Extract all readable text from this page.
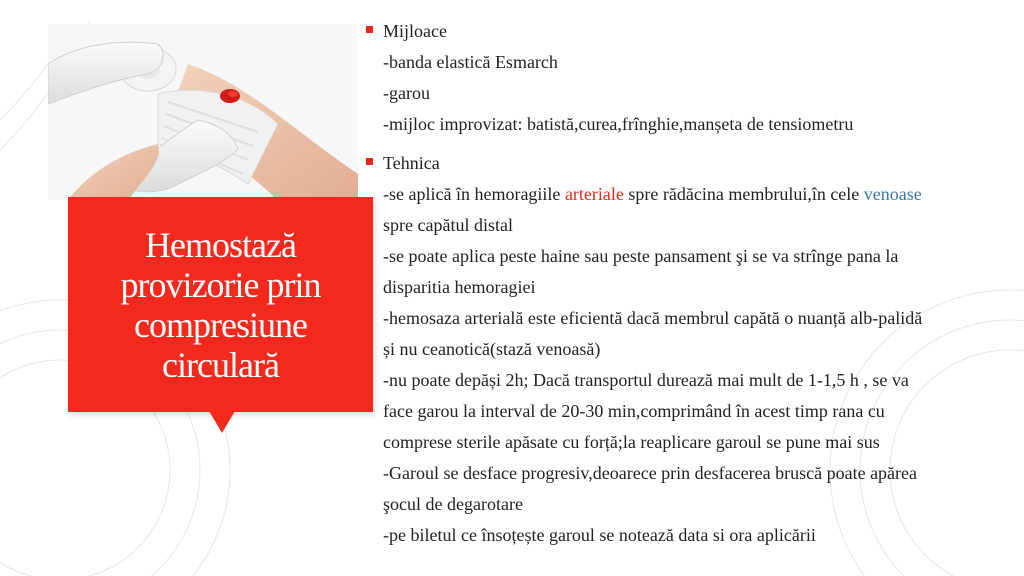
Hemostază
provizorie prin
compresiune
circulară
Mijloace
-banda elastică Esmarch
-garou
-mijloc improvizat: batistă,curea,frînghie,manșeta de tensiometru
Tehnica
-se aplică în hemoragiile arteriale spre rădăcina membrului,în cele venoase
spre capătul distal
-se poate aplica peste haine sau peste pansament şi se va strînge pana la
disparitia hemoragiei
-hemosaza arterială este eficientă dacă membrul capătă o nuanță alb-palidă
și nu ceanotică(stază venoasă)
-nu poate depăși 2h; Dacă transportul durează mai mult de 1-1,5 h , se va
face garou la interval de 20-30 min,comprimând în acest timp rana cu
comprese sterile apăsate cu forță;la reaplicare garoul se pune mai sus
-Garoul se desface progresiv,deoarece prin desfacerea bruscă poate apărea
şocul de degarotare
-pe biletul ce însoțește garoul se notează data si ora aplicării
